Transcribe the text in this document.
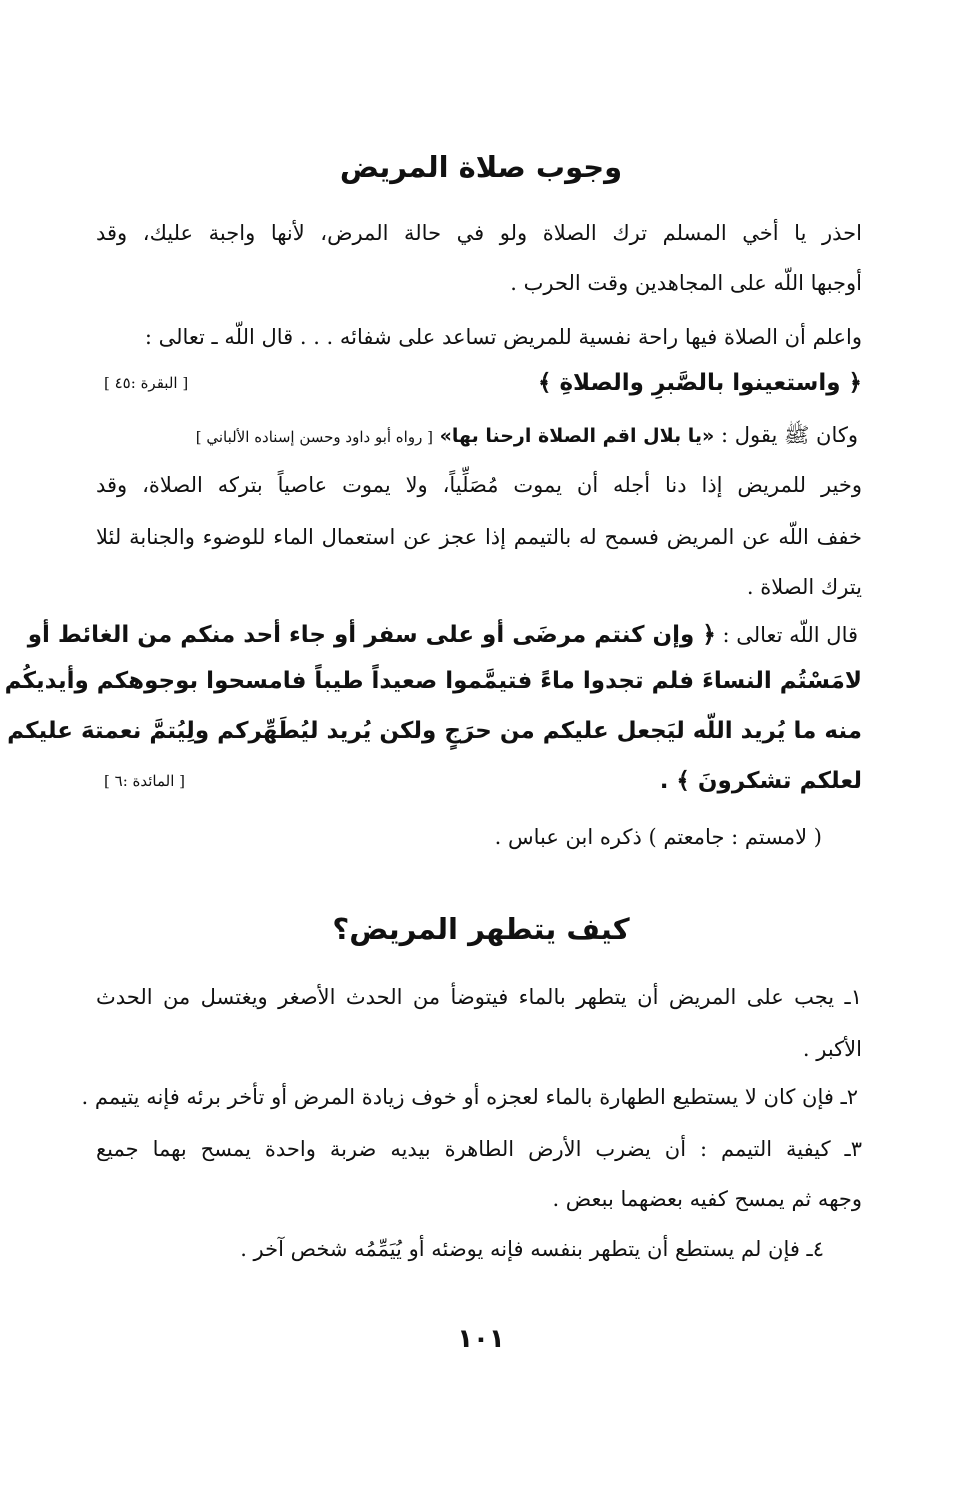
وجوب صلاة المريض
احذر يا أخي المسلم ترك الصلاة ولو في حالة المرض، لأنها واجبة عليك، وقد
أوجبها اللّه على المجاهدين وقت الحرب .
واعلم أن الصلاة فيها راحة نفسية للمريض تساعد على شفائه . . . قال اللّه ـ تعالى :
﴿ واستعينوا بالصَّبرِ والصلاةِ ﴾
[ البقرة :٤٥ ]
وكان ﷺ يقول : «يا بلال اقم الصلاة ارحنا بها» [ رواه أبو داود وحسن إسناده الألباني ]
وخير للمريض إذا دنا أجله أن يموت مُصَلِّياً، ولا يموت عاصياً بتركه الصلاة، وقد
خفف اللّه عن المريض فسمح له بالتيمم إذا عجز عن استعمال الماء للوضوء والجنابة لئلا
يترك الصلاة .
قال اللّه تعالى : ﴿ وإن كنتم مرضَى أو على سفر أو جاء أحد منكم من الغائط أو
لامَسْتُم النساءَ فلم تجدوا ماءً فتيمَّموا صعيداً طيباً فامسحوا بوجوهكم وأيديكُم
منه ما يُريد اللّه ليَجعل عليكم من حرَجٍ ولكن يُريد ليُطَهِّركم ولِيُتمَّ نعمتهَ عليكم
لعلكم تشكرونَ ﴾ .
[ المائدة :٦ ]
( لامستم : جامعتم ) ذكره ابن عباس .
كيف يتطهر المريض؟
١ـ يجب على المريض أن يتطهر بالماء فيتوضأ من الحدث الأصغر ويغتسل من الحدث
الأكبر .
٢ـ فإن كان لا يستطيع الطهارة بالماء لعجزه أو خوف زيادة المرض أو تأخر برئه فإنه يتيمم .
٣ـ كيفية التيمم : أن يضرب الأرض الطاهرة بيديه ضربة واحدة يمسح بهما جميع
وجهه ثم يمسح كفيه بعضهما ببعض .
٤ـ فإن لم يستطع أن يتطهر بنفسه فإنه يوضئه أو يُيَمِّمُه شخص آخر .
١٠١
